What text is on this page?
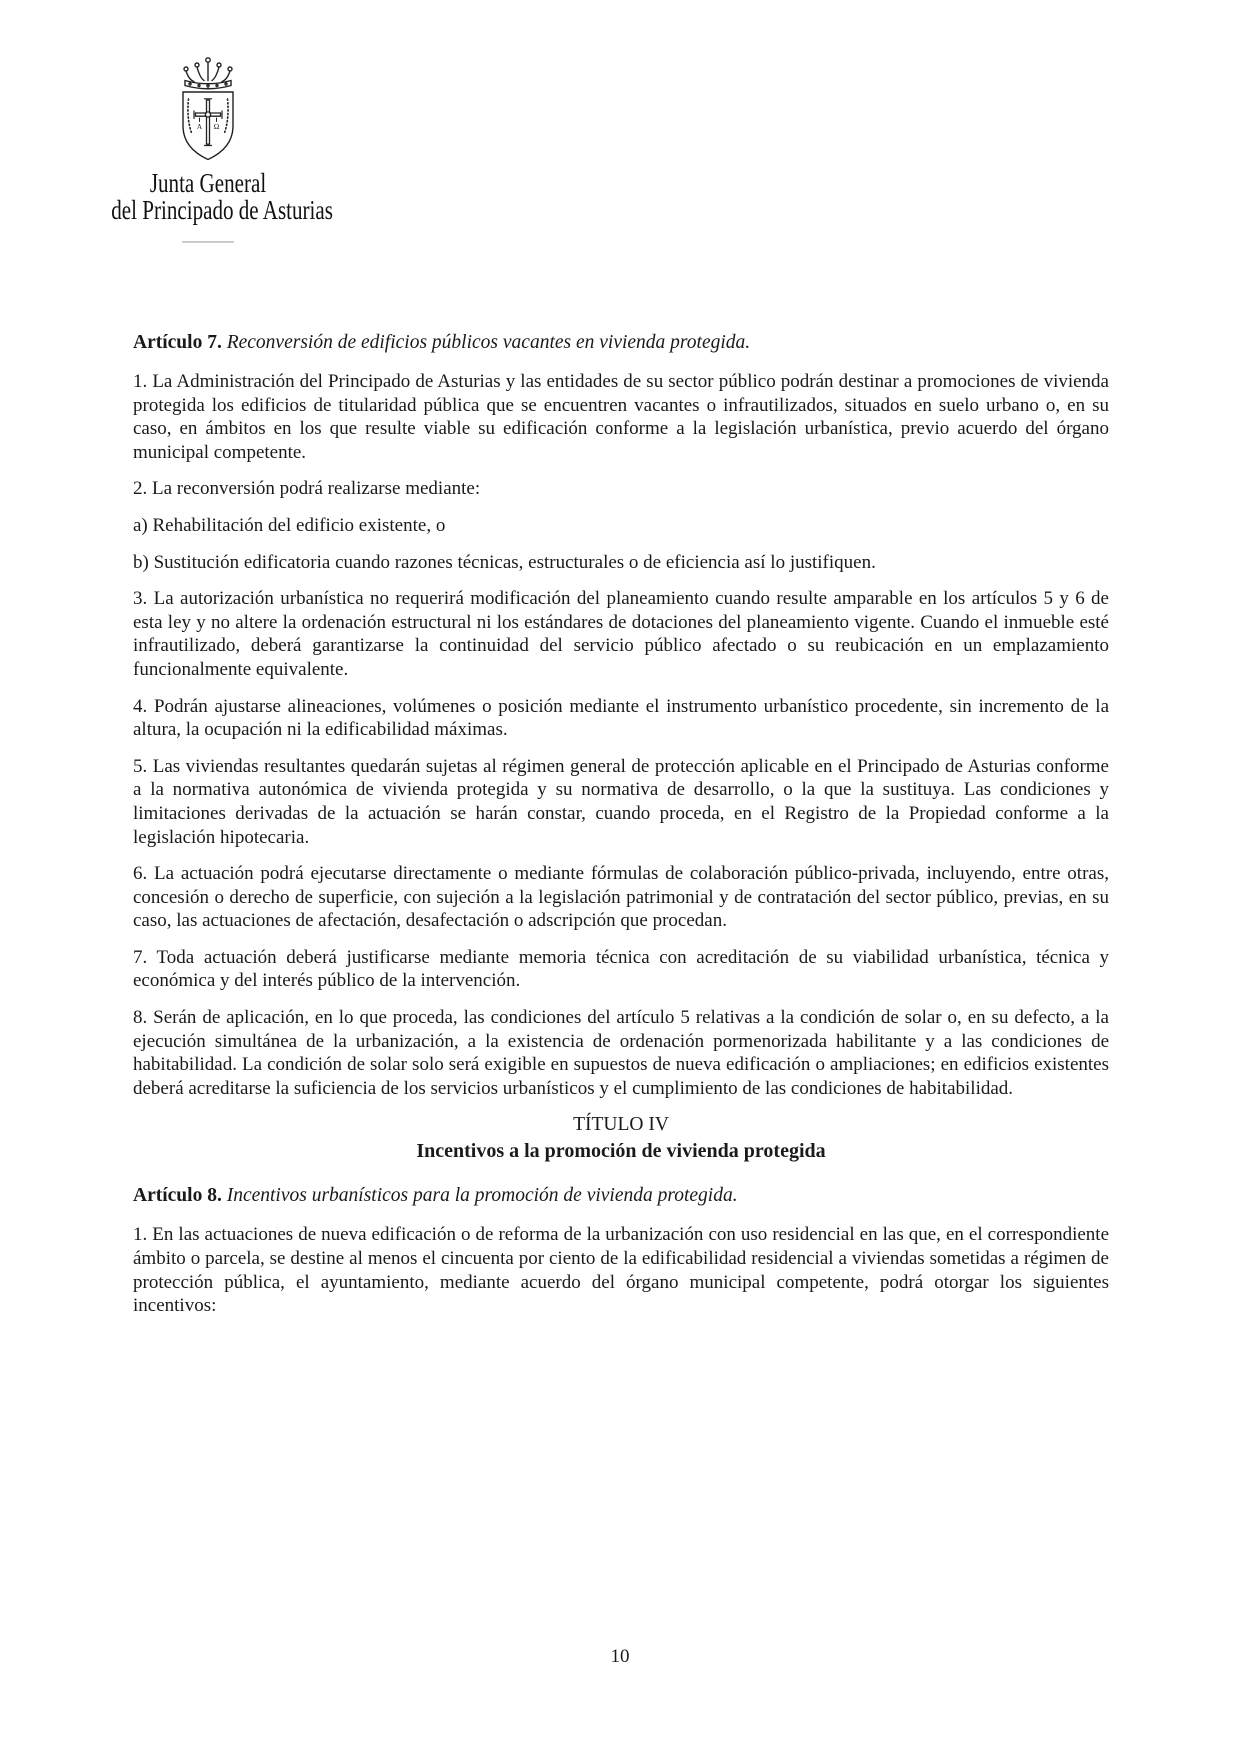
A Ω
Junta General
del Principado de Asturias

Artículo 7. Reconversión de edificios públicos vacantes en vivienda protegida.

1. La Administración del Principado de Asturias y las entidades de su sector público podrán destinar a promociones de vivienda protegida los edificios de titularidad pública que se encuentren vacantes o infrautilizados, situados en suelo urbano o, en su caso, en ámbitos en los que resulte viable su edificación conforme a la legislación urbanística, previo acuerdo del órgano municipal competente.

2. La reconversión podrá realizarse mediante:

a) Rehabilitación del edificio existente, o

b) Sustitución edificatoria cuando razones técnicas, estructurales o de eficiencia así lo justifiquen.

3. La autorización urbanística no requerirá modificación del planeamiento cuando resulte amparable en los artículos 5 y 6 de esta ley y no altere la ordenación estructural ni los estándares de dotaciones del planeamiento vigente. Cuando el inmueble esté infrautilizado, deberá garantizarse la continuidad del servicio público afectado o su reubicación en un emplazamiento funcionalmente equivalente.

4. Podrán ajustarse alineaciones, volúmenes o posición mediante el instrumento urbanístico procedente, sin incremento de la altura, la ocupación ni la edificabilidad máximas.

5. Las viviendas resultantes quedarán sujetas al régimen general de protección aplicable en el Principado de Asturias conforme a la normativa autonómica de vivienda protegida y su normativa de desarrollo, o la que la sustituya. Las condiciones y limitaciones derivadas de la actuación se harán constar, cuando proceda, en el Registro de la Propiedad conforme a la legislación hipotecaria.

6. La actuación podrá ejecutarse directamente o mediante fórmulas de colaboración público-privada, incluyendo, entre otras, concesión o derecho de superficie, con sujeción a la legislación patrimonial y de contratación del sector público, previas, en su caso, las actuaciones de afectación, desafectación o adscripción que procedan.

7. Toda actuación deberá justificarse mediante memoria técnica con acreditación de su viabilidad urbanística, técnica y económica y del interés público de la intervención.

8. Serán de aplicación, en lo que proceda, las condiciones del artículo 5 relativas a la condición de solar o, en su defecto, a la ejecución simultánea de la urbanización, a la existencia de ordenación pormenorizada habilitante y a las condiciones de habitabilidad. La condición de solar solo será exigible en supuestos de nueva edificación o ampliaciones; en edificios existentes deberá acreditarse la suficiencia de los servicios urbanísticos y el cumplimiento de las condiciones de habitabilidad.

TÍTULO IV

Incentivos a la promoción de vivienda protegida

Artículo 8. Incentivos urbanísticos para la promoción de vivienda protegida.

1. En las actuaciones de nueva edificación o de reforma de la urbanización con uso residencial en las que, en el correspondiente ámbito o parcela, se destine al menos el cincuenta por ciento de la edificabilidad residencial a viviendas sometidas a régimen de protección pública, el ayuntamiento, mediante acuerdo del órgano municipal competente, podrá otorgar los siguientes incentivos:

10
